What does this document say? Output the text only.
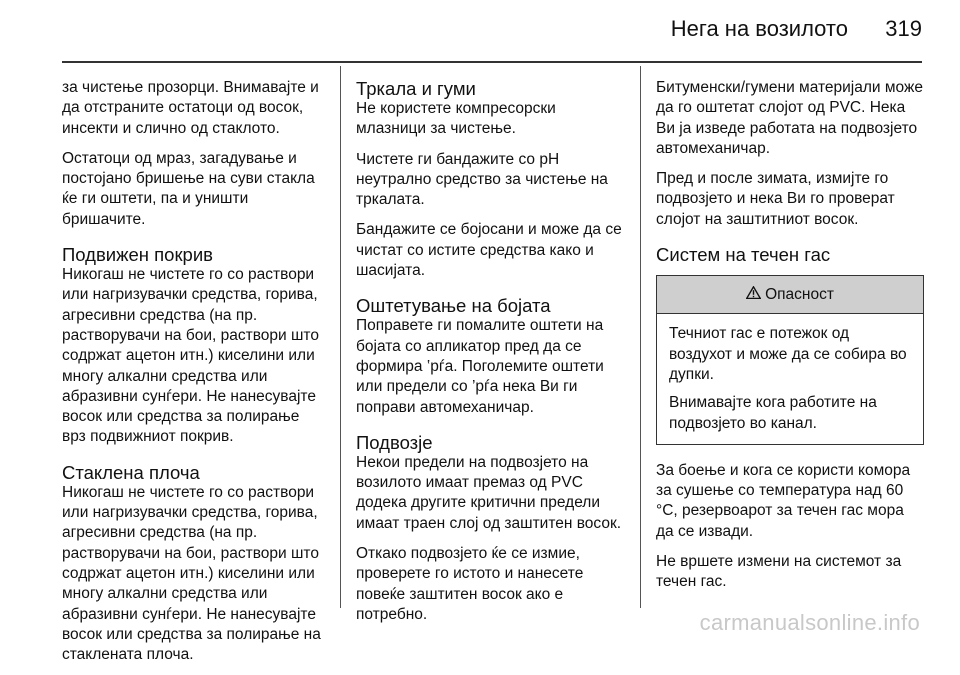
Нега на возилото 319

за чистење прозорци. Внимавајте и да отстраните остатоци од восок, инсекти и слично од стаклото.

Остатоци од мраз, загадување и постојано бришење на суви стакла ќе ги оштети, па и уништи бришачите.

Подвижен покрив

Никогаш не чистете го со раствори или нагризувачки средства, горива, агресивни средства (на пр. растворувачи на бои, раствори што содржат ацетон итн.) киселини или многу алкални средства или абразивни сунѓери. Не нанесувајте восок или средства за полирање врз подвижниот покрив.

Стаклена плоча

Никогаш не чистете го со раствори или нагризувачки средства, горива, агресивни средства (на пр. растворувачи на бои, раствори што содржат ацетон итн.) киселини или многу алкални средства или абразивни сунѓери. Не нанесувајте восок или средства за полирање на стаклената плоча.

Тркала и гуми

Не користете компресорски млазници за чистење.

Чистете ги бандажите со pH неутрално средство за чистење на тркалата.

Бандажите се бојосани и може да се чистат со истите средства како и шасијата.

Оштетување на бојата

Поправете ги помалите оштети на бојата со апликатор пред да се формира ‛рѓа. Поголемите оштети или предели со ’рѓа нека Ви ги поправи автомеханичар.

Подвозје

Некои предели на подвозјето на возилото имаат премаз од PVC додека другите критични предели имаат траен слој од заштитен восок.

Откако подвозјето ќе се измие, проверете го истото и нанесете повеќе заштитен восок ако е потребно.

Битуменски/гумени материјали може да го оштетат слојот од PVC. Нека Ви ја изведе работата на подвозјето автомеханичар.

Пред и после зимата, измијте го подвозјето и нека Ви го проверат слојот на заштитниот восок.

Систем на течен гас
Опасност

Течниот гас е потежок од воздухот и може да се собира во дупки.

Внимавајте кога работите на подвозјето во канал.

За боење и кога се користи комора за сушење со температура над 60 °C, резервоарот за течен гас мора да се извади.

Не вршете измени на системот за течен гас.

carmanualsonline.info
